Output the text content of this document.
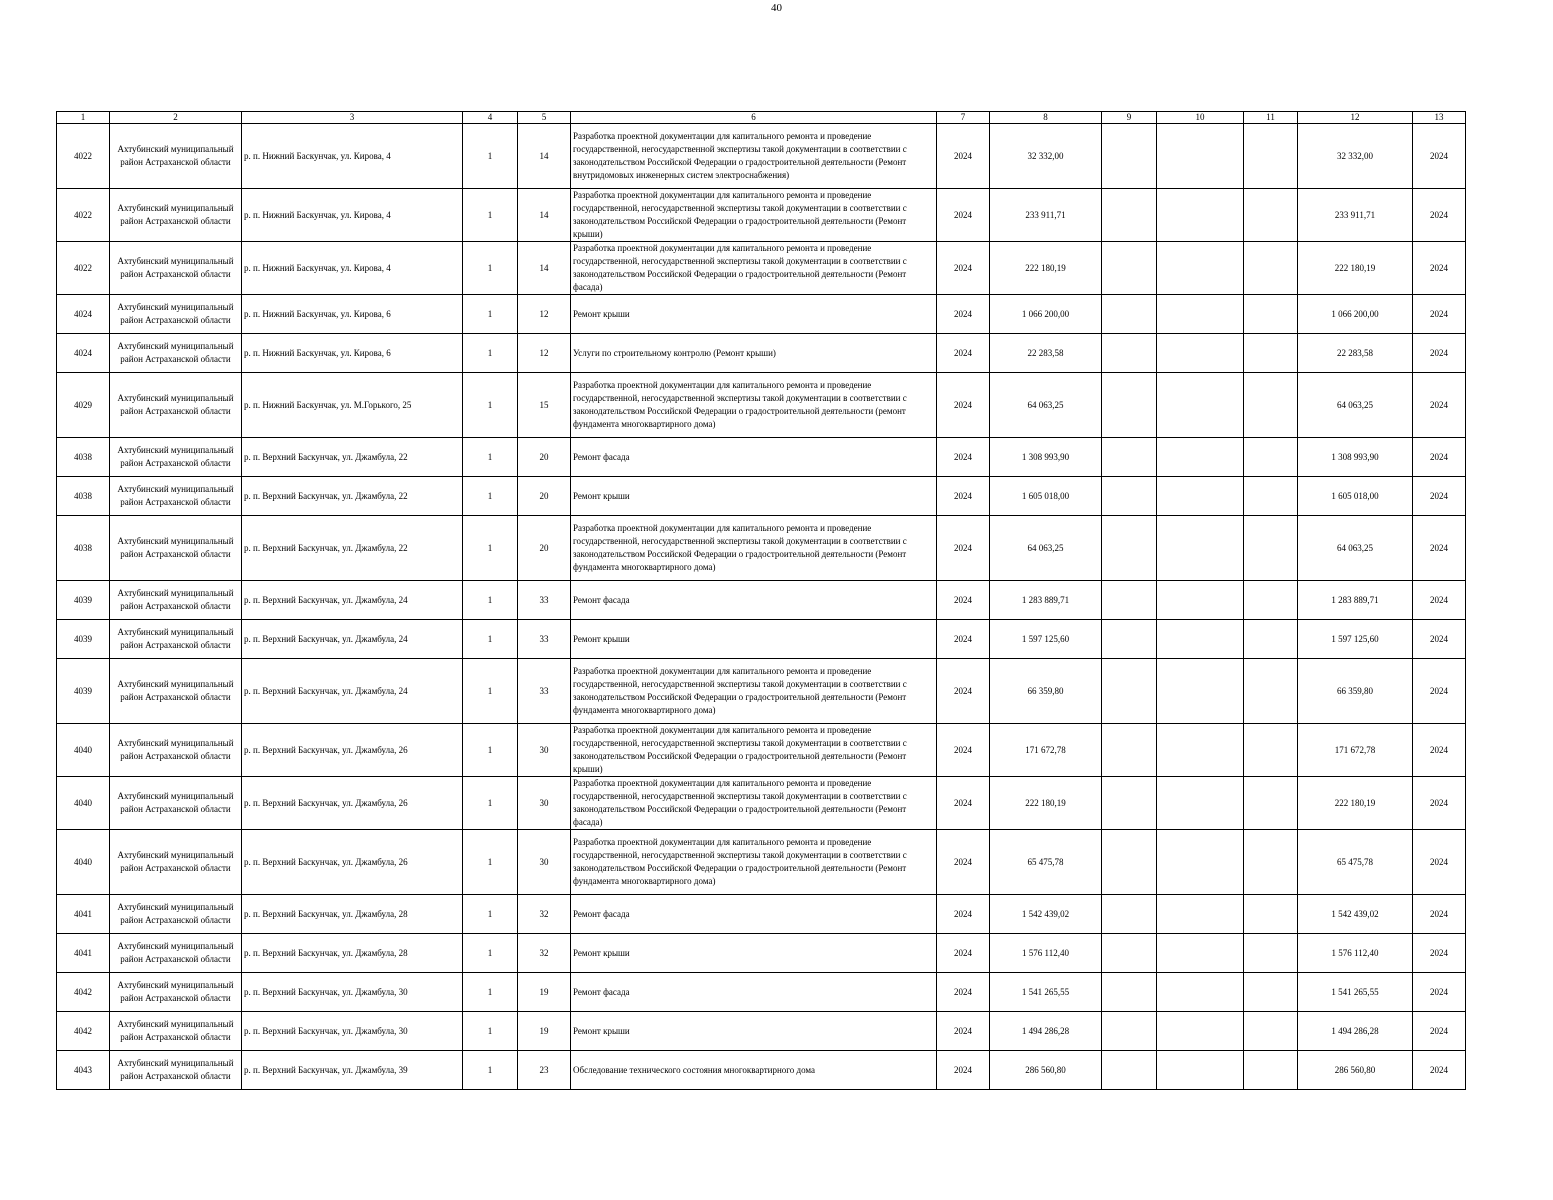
40
1	2	3	4	5	6	7	8	9	10	11	12	13
4022	Ахтубинский муниципальный район Астраханской области	р. п. Нижний Баскунчак, ул. Кирова, 4	1	14	Разработка проектной документации для капитального ремонта и проведение государственной, негосударственной экспертизы такой документации в соответствии с законодательством Российской Федерации о градостроительной деятельности (Ремонт внутридомовых инженерных систем электроснабжения)	2024	32 332,00				32 332,00	2024
4022	Ахтубинский муниципальный район Астраханской области	р. п. Нижний Баскунчак, ул. Кирова, 4	1	14	Разработка проектной документации для капитального ремонта и проведение государственной, негосударственной экспертизы такой документации в соответствии с законодательством Российской Федерации о градостроительной деятельности (Ремонт крыши)	2024	233 911,71				233 911,71	2024
4022	Ахтубинский муниципальный район Астраханской области	р. п. Нижний Баскунчак, ул. Кирова, 4	1	14	Разработка проектной документации для капитального ремонта и проведение государственной, негосударственной экспертизы такой документации в соответствии с законодательством Российской Федерации о градостроительной деятельности (Ремонт фасада)	2024	222 180,19				222 180,19	2024
4024	Ахтубинский муниципальный район Астраханской области	р. п. Нижний Баскунчак, ул. Кирова, 6	1	12	Ремонт крыши	2024	1 066 200,00				1 066 200,00	2024
4024	Ахтубинский муниципальный район Астраханской области	р. п. Нижний Баскунчак, ул. Кирова, 6	1	12	Услуги по строительному контролю (Ремонт крыши)	2024	22 283,58				22 283,58	2024
4029	Ахтубинский муниципальный район Астраханской области	р. п. Нижний Баскунчак, ул. М.Горького, 25	1	15	Разработка проектной документации для капитального ремонта и проведение государственной, негосударственной экспертизы такой документации в соответствии с законодательством Российской Федерации о градостроительной деятельности (ремонт фундамента многоквартирного дома)	2024	64 063,25				64 063,25	2024
4038	Ахтубинский муниципальный район Астраханской области	р. п. Верхний Баскунчак, ул. Джамбула, 22	1	20	Ремонт фасада	2024	1 308 993,90				1 308 993,90	2024
4038	Ахтубинский муниципальный район Астраханской области	р. п. Верхний Баскунчак, ул. Джамбула, 22	1	20	Ремонт крыши	2024	1 605 018,00				1 605 018,00	2024
4038	Ахтубинский муниципальный район Астраханской области	р. п. Верхний Баскунчак, ул. Джамбула, 22	1	20	Разработка проектной документации для капитального ремонта и проведение государственной, негосударственной экспертизы такой документации в соответствии с законодательством Российской Федерации о градостроительной деятельности (Ремонт фундамента многоквартирного дома)	2024	64 063,25				64 063,25	2024
4039	Ахтубинский муниципальный район Астраханской области	р. п. Верхний Баскунчак, ул. Джамбула, 24	1	33	Ремонт фасада	2024	1 283 889,71				1 283 889,71	2024
4039	Ахтубинский муниципальный район Астраханской области	р. п. Верхний Баскунчак, ул. Джамбула, 24	1	33	Ремонт крыши	2024	1 597 125,60				1 597 125,60	2024
4039	Ахтубинский муниципальный район Астраханской области	р. п. Верхний Баскунчак, ул. Джамбула, 24	1	33	Разработка проектной документации для капитального ремонта и проведение государственной, негосударственной экспертизы такой документации в соответствии с законодательством Российской Федерации о градостроительной деятельности (Ремонт фундамента многоквартирного дома)	2024	66 359,80				66 359,80	2024
4040	Ахтубинский муниципальный район Астраханской области	р. п. Верхний Баскунчак, ул. Джамбула, 26	1	30	Разработка проектной документации для капитального ремонта и проведение государственной, негосударственной экспертизы такой документации в соответствии с законодательством Российской Федерации о градостроительной деятельности (Ремонт крыши)	2024	171 672,78				171 672,78	2024
4040	Ахтубинский муниципальный район Астраханской области	р. п. Верхний Баскунчак, ул. Джамбула, 26	1	30	Разработка проектной документации для капитального ремонта и проведение государственной, негосударственной экспертизы такой документации в соответствии с законодательством Российской Федерации о градостроительной деятельности (Ремонт фасада)	2024	222 180,19				222 180,19	2024
4040	Ахтубинский муниципальный район Астраханской области	р. п. Верхний Баскунчак, ул. Джамбула, 26	1	30	Разработка проектной документации для капитального ремонта и проведение государственной, негосударственной экспертизы такой документации в соответствии с законодательством Российской Федерации о градостроительной деятельности (Ремонт фундамента многоквартирного дома)	2024	65 475,78				65 475,78	2024
4041	Ахтубинский муниципальный район Астраханской области	р. п. Верхний Баскунчак, ул. Джамбула, 28	1	32	Ремонт фасада	2024	1 542 439,02				1 542 439,02	2024
4041	Ахтубинский муниципальный район Астраханской области	р. п. Верхний Баскунчак, ул. Джамбула, 28	1	32	Ремонт крыши	2024	1 576 112,40				1 576 112,40	2024
4042	Ахтубинский муниципальный район Астраханской области	р. п. Верхний Баскунчак, ул. Джамбула, 30	1	19	Ремонт фасада	2024	1 541 265,55				1 541 265,55	2024
4042	Ахтубинский муниципальный район Астраханской области	р. п. Верхний Баскунчак, ул. Джамбула, 30	1	19	Ремонт крыши	2024	1 494 286,28				1 494 286,28	2024
4043	Ахтубинский муниципальный район Астраханской области	р. п. Верхний Баскунчак, ул. Джамбула, 39	1	23	Обследование технического состояния многоквартирного дома	2024	286 560,80				286 560,80	2024
